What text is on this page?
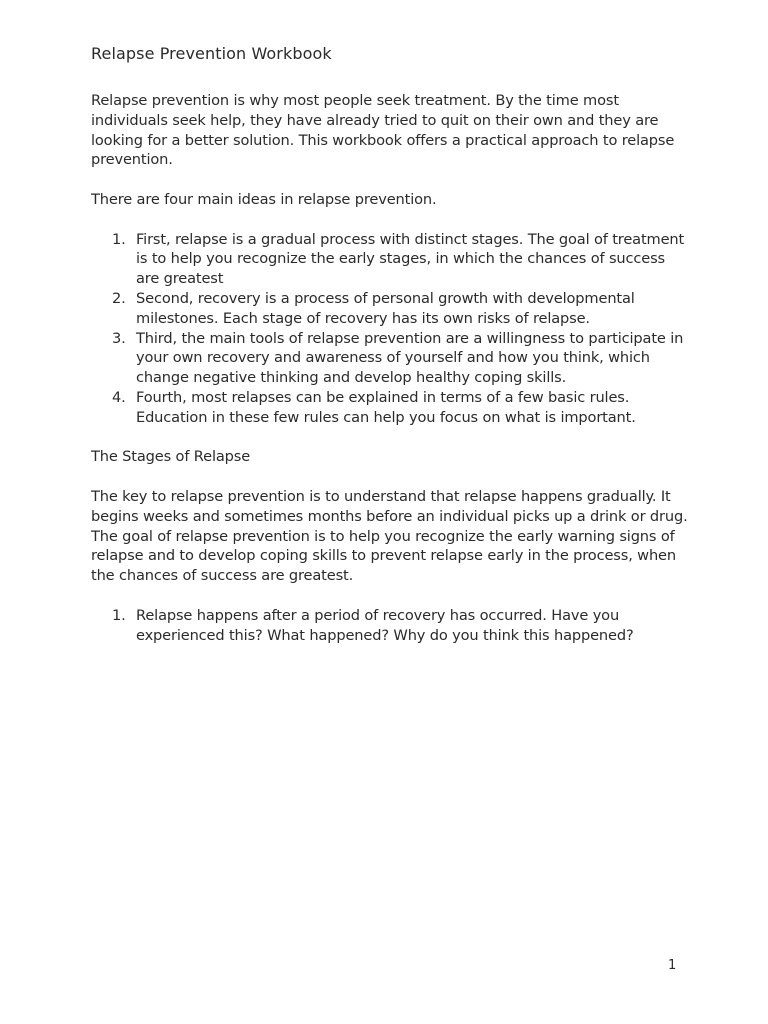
Relapse Prevention Workbook

Relapse prevention is why most people seek treatment. By the time most individuals seek help, they have already tried to quit on their own and they are looking for a better solution. This workbook offers a practical approach to relapse prevention.

There are four main ideas in relapse prevention.

1. First, relapse is a gradual process with distinct stages. The goal of treatment is to help you recognize the early stages, in which the chances of success are greatest
2. Second, recovery is a process of personal growth with developmental milestones. Each stage of recovery has its own risks of relapse.
3. Third, the main tools of relapse prevention are a willingness to participate in your own recovery and awareness of yourself and how you think, which change negative thinking and develop healthy coping skills.
4. Fourth, most relapses can be explained in terms of a few basic rules. Education in these few rules can help you focus on what is important.

The Stages of Relapse

The key to relapse prevention is to understand that relapse happens gradually. It begins weeks and sometimes months before an individual picks up a drink or drug. The goal of relapse prevention is to help you recognize the early warning signs of relapse and to develop coping skills to prevent relapse early in the process, when the chances of success are greatest.

1. Relapse happens after a period of recovery has occurred. Have you experienced this? What happened? Why do you think this happened?
1
